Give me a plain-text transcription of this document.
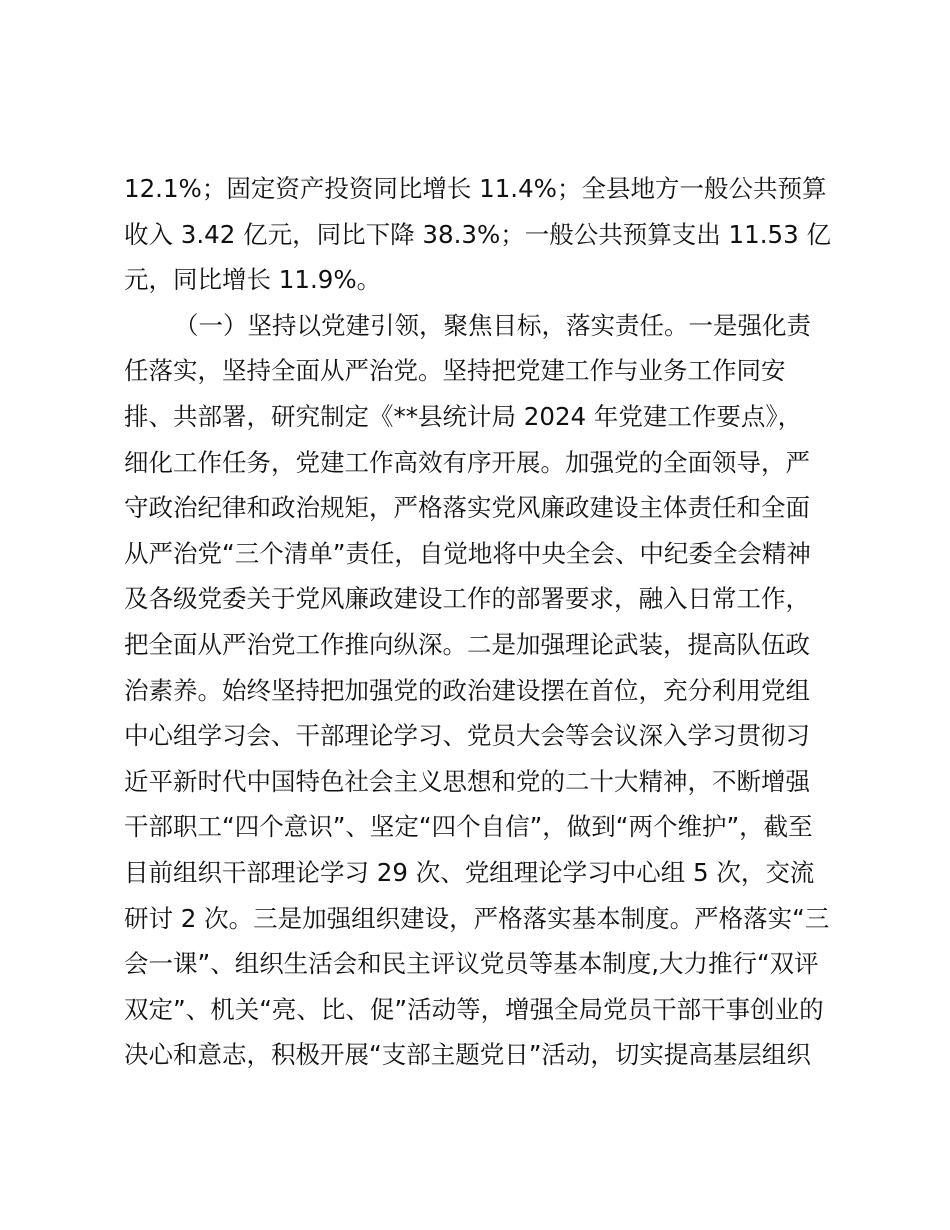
12.1%；固定资产投资同比增长 11.4%；全县地方一般公共预算
收入 3.42 亿元，同比下降 38.3%；一般公共预算支出 11.53 亿
元，同比增长 11.9%。
（一）坚持以党建引领，聚焦目标，落实责任。一是强化责
任落实，坚持全面从严治党。坚持把党建工作与业务工作同安
排、共部署，研究制定《**县统计局 2024 年党建工作要点》，
细化工作任务，党建工作高效有序开展。加强党的全面领导，严
守政治纪律和政治规矩，严格落实党风廉政建设主体责任和全面
从严治党“三个清单”责任，自觉地将中央全会、中纪委全会精神
及各级党委关于党风廉政建设工作的部署要求，融入日常工作，
把全面从严治党工作推向纵深。二是加强理论武装，提高队伍政
治素养。始终坚持把加强党的政治建设摆在首位，充分利用党组
中心组学习会、干部理论学习、党员大会等会议深入学习贯彻习
近平新时代中国特色社会主义思想和党的二十大精神，不断增强
干部职工“四个意识”、坚定“四个自信”，做到“两个维护”，截至
目前组织干部理论学习 29 次、党组理论学习中心组 5 次，交流
研讨 2 次。三是加强组织建设，严格落实基本制度。严格落实“三
会一课”、组织生活会和民主评议党员等基本制度,大力推行“双评
双定”、机关“亮、比、促”活动等，增强全局党员干部干事创业的
决心和意志，积极开展“支部主题党日”活动，切实提高基层组织
